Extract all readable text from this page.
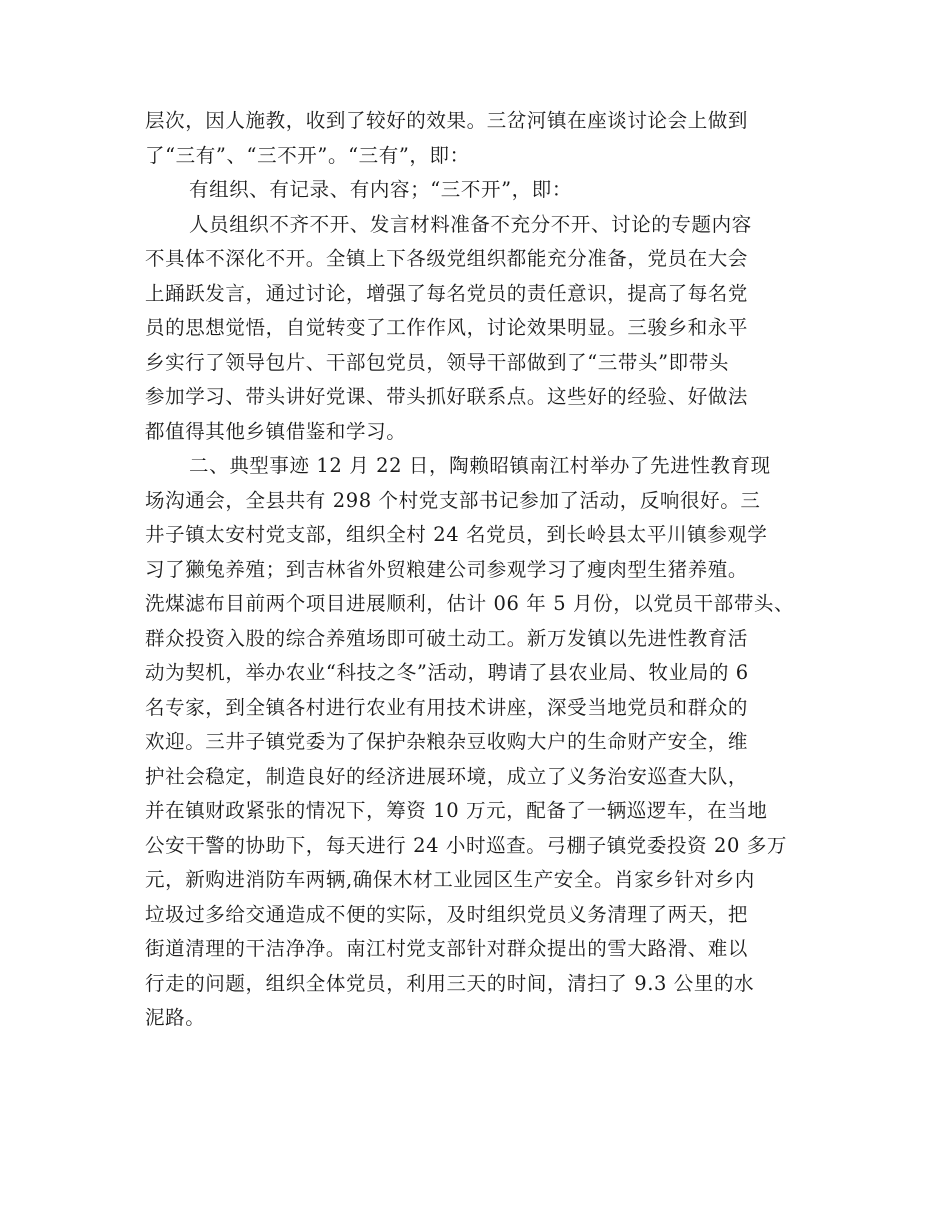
层次，因人施教，收到了较好的效果。三岔河镇在座谈讨论会上做到
了“三有”、“三不开”。“三有”，即：
有组织、有记录、有内容；“三不开”，即：
人员组织不齐不开、发言材料准备不充分不开、讨论的专题内容
不具体不深化不开。全镇上下各级党组织都能充分准备，党员在大会
上踊跃发言，通过讨论，增强了每名党员的责任意识，提高了每名党
员的思想觉悟，自觉转变了工作作风，讨论效果明显。三骏乡和永平
乡实行了领导包片、干部包党员，领导干部做到了“三带头”即带头
参加学习、带头讲好党课、带头抓好联系点。这些好的经验、好做法
都值得其他乡镇借鉴和学习。
二、典型事迹 12 月 22 日，陶赖昭镇南江村举办了先进性教育现
场沟通会，全县共有 298 个村党支部书记参加了活动，反响很好。三
井子镇太安村党支部，组织全村 24 名党员，到长岭县太平川镇参观学
习了獭兔养殖；到吉林省外贸粮建公司参观学习了瘦肉型生猪养殖。
洗煤滤布目前两个项目进展顺利，估计 06 年 5 月份，以党员干部带头、
群众投资入股的综合养殖场即可破土动工。新万发镇以先进性教育活
动为契机，举办农业“科技之冬”活动，聘请了县农业局、牧业局的 6
名专家，到全镇各村进行农业有用技术讲座，深受当地党员和群众的
欢迎。三井子镇党委为了保护杂粮杂豆收购大户的生命财产安全，维
护社会稳定，制造良好的经济进展环境，成立了义务治安巡查大队，
并在镇财政紧张的情况下，筹资 10 万元，配备了一辆巡逻车，在当地
公安干警的协助下，每天进行 24 小时巡查。弓棚子镇党委投资 20 多万
元，新购进消防车两辆,确保木材工业园区生产安全。肖家乡针对乡内
垃圾过多给交通造成不便的实际，及时组织党员义务清理了两天，把
街道清理的干洁净净。南江村党支部针对群众提出的雪大路滑、难以
行走的问题，组织全体党员，利用三天的时间，清扫了 9.3 公里的水
泥路。
